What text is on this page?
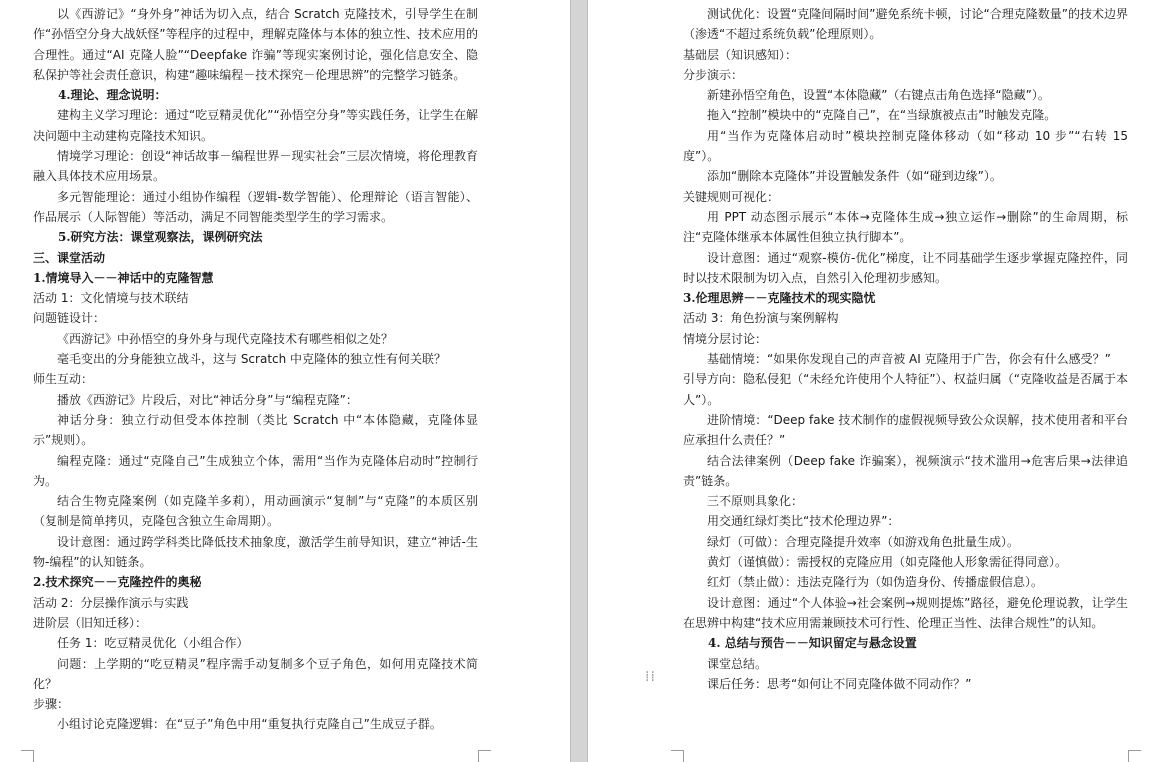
以《西游记》“身外身”神话为切入点，结合 Scratch 克隆技术，引导学生在制作“孙悟空分身大战妖怪”等程序的过程中，理解克隆体与本体的独立性、技术应用的合理性。通过“AI 克隆人脸”“Deepfake 诈骗”等现实案例讨论，强化信息安全、隐私保护等社会责任意识，构建“趣味编程－技术探究－伦理思辨”的完整学习链条。

4.理论、理念说明：

建构主义学习理论：通过“吃豆精灵优化”“孙悟空分身”等实践任务，让学生在解决问题中主动建构克隆技术知识。

情境学习理论：创设“神话故事－编程世界－现实社会”三层次情境，将伦理教育融入具体技术应用场景。

多元智能理论：通过小组协作编程（逻辑-数学智能）、伦理辩论（语言智能）、作品展示（人际智能）等活动，满足不同智能类型学生的学习需求。

5.研究方法：课堂观察法，课例研究法

三、课堂活动

1.情境导入－－神话中的克隆智慧

活动 1：文化情境与技术联结

问题链设计：

《西游记》中孙悟空的身外身与现代克隆技术有哪些相似之处？

毫毛变出的分身能独立战斗，这与 Scratch 中克隆体的独立性有何关联？

师生互动：

播放《西游记》片段后，对比“神话分身”与“编程克隆”：

神话分身：独立行动但受本体控制（类比 Scratch 中“本体隐藏，克隆体显示”规则）。

编程克隆：通过“克隆自己”生成独立个体，需用“当作为克隆体启动时”控制行为。

结合生物克隆案例（如克隆羊多莉），用动画演示“复制”与“克隆”的本质区别（复制是简单拷贝，克隆包含独立生命周期）。

设计意图：通过跨学科类比降低技术抽象度，激活学生前导知识，建立“神话-生物-编程”的认知链条。

2.技术探究－－克隆控件的奥秘

活动 2：分层操作演示与实践

进阶层（旧知迁移）：

任务 1：吃豆精灵优化（小组合作）

问题：上学期的“吃豆精灵”程序需手动复制多个豆子角色，如何用克隆技术简化？

步骤：

小组讨论克隆逻辑：在“豆子”角色中用“重复执行克隆自己”生成豆子群。

测试优化：设置“克隆间隔时间”避免系统卡顿，讨论“合理克隆数量”的技术边界（渗透“不超过系统负载”伦理原则）。

基础层（知识感知）：

分步演示：

新建孙悟空角色，设置“本体隐藏”（右键点击角色选择“隐藏”）。

拖入“控制”模块中的“克隆自己”，在“当绿旗被点击”时触发克隆。

用“当作为克隆体启动时”模块控制克隆体移动（如“移动 10 步”“右转 15 度”）。

添加“删除本克隆体”并设置触发条件（如“碰到边缘”）。

关键规则可视化：

用 PPT 动态图示展示“本体→克隆体生成→独立运作→删除”的生命周期，标注“克隆体继承本体属性但独立执行脚本”。

设计意图：通过“观察-模仿-优化”梯度，让不同基础学生逐步掌握克隆控件，同时以技术限制为切入点，自然引入伦理初步感知。

3.伦理思辨－－克隆技术的现实隐忧

活动 3：角色扮演与案例解构

情境分层讨论：

基础情境：“如果你发现自己的声音被 AI 克隆用于广告，你会有什么感受？”

引导方向：隐私侵犯（“未经允许使用个人特征”）、权益归属（“克隆收益是否属于本人”）。

进阶情境：“Deep fake 技术制作的虚假视频导致公众误解，技术使用者和平台应承担什么责任？”

结合法律案例（Deep fake 诈骗案），视频演示“技术滥用→危害后果→法律追责”链条。

三不原则具象化：

用交通红绿灯类比“技术伦理边界”：

绿灯（可做）：合理克隆提升效率（如游戏角色批量生成）。

黄灯（谨慎做）：需授权的克隆应用（如克隆他人形象需征得同意）。

红灯（禁止做）：违法克隆行为（如伪造身份、传播虚假信息）。

设计意图：通过“个人体验→社会案例→规则提炼”路径，避免伦理说教，让学生在思辨中构建“技术应用需兼顾技术可行性、伦理正当性、法律合规性”的认知。

4. 总结与预告－－知识留定与悬念设置

课堂总结。

课后任务：思考“如何让不同克隆体做不同动作？”

⁞⁞
